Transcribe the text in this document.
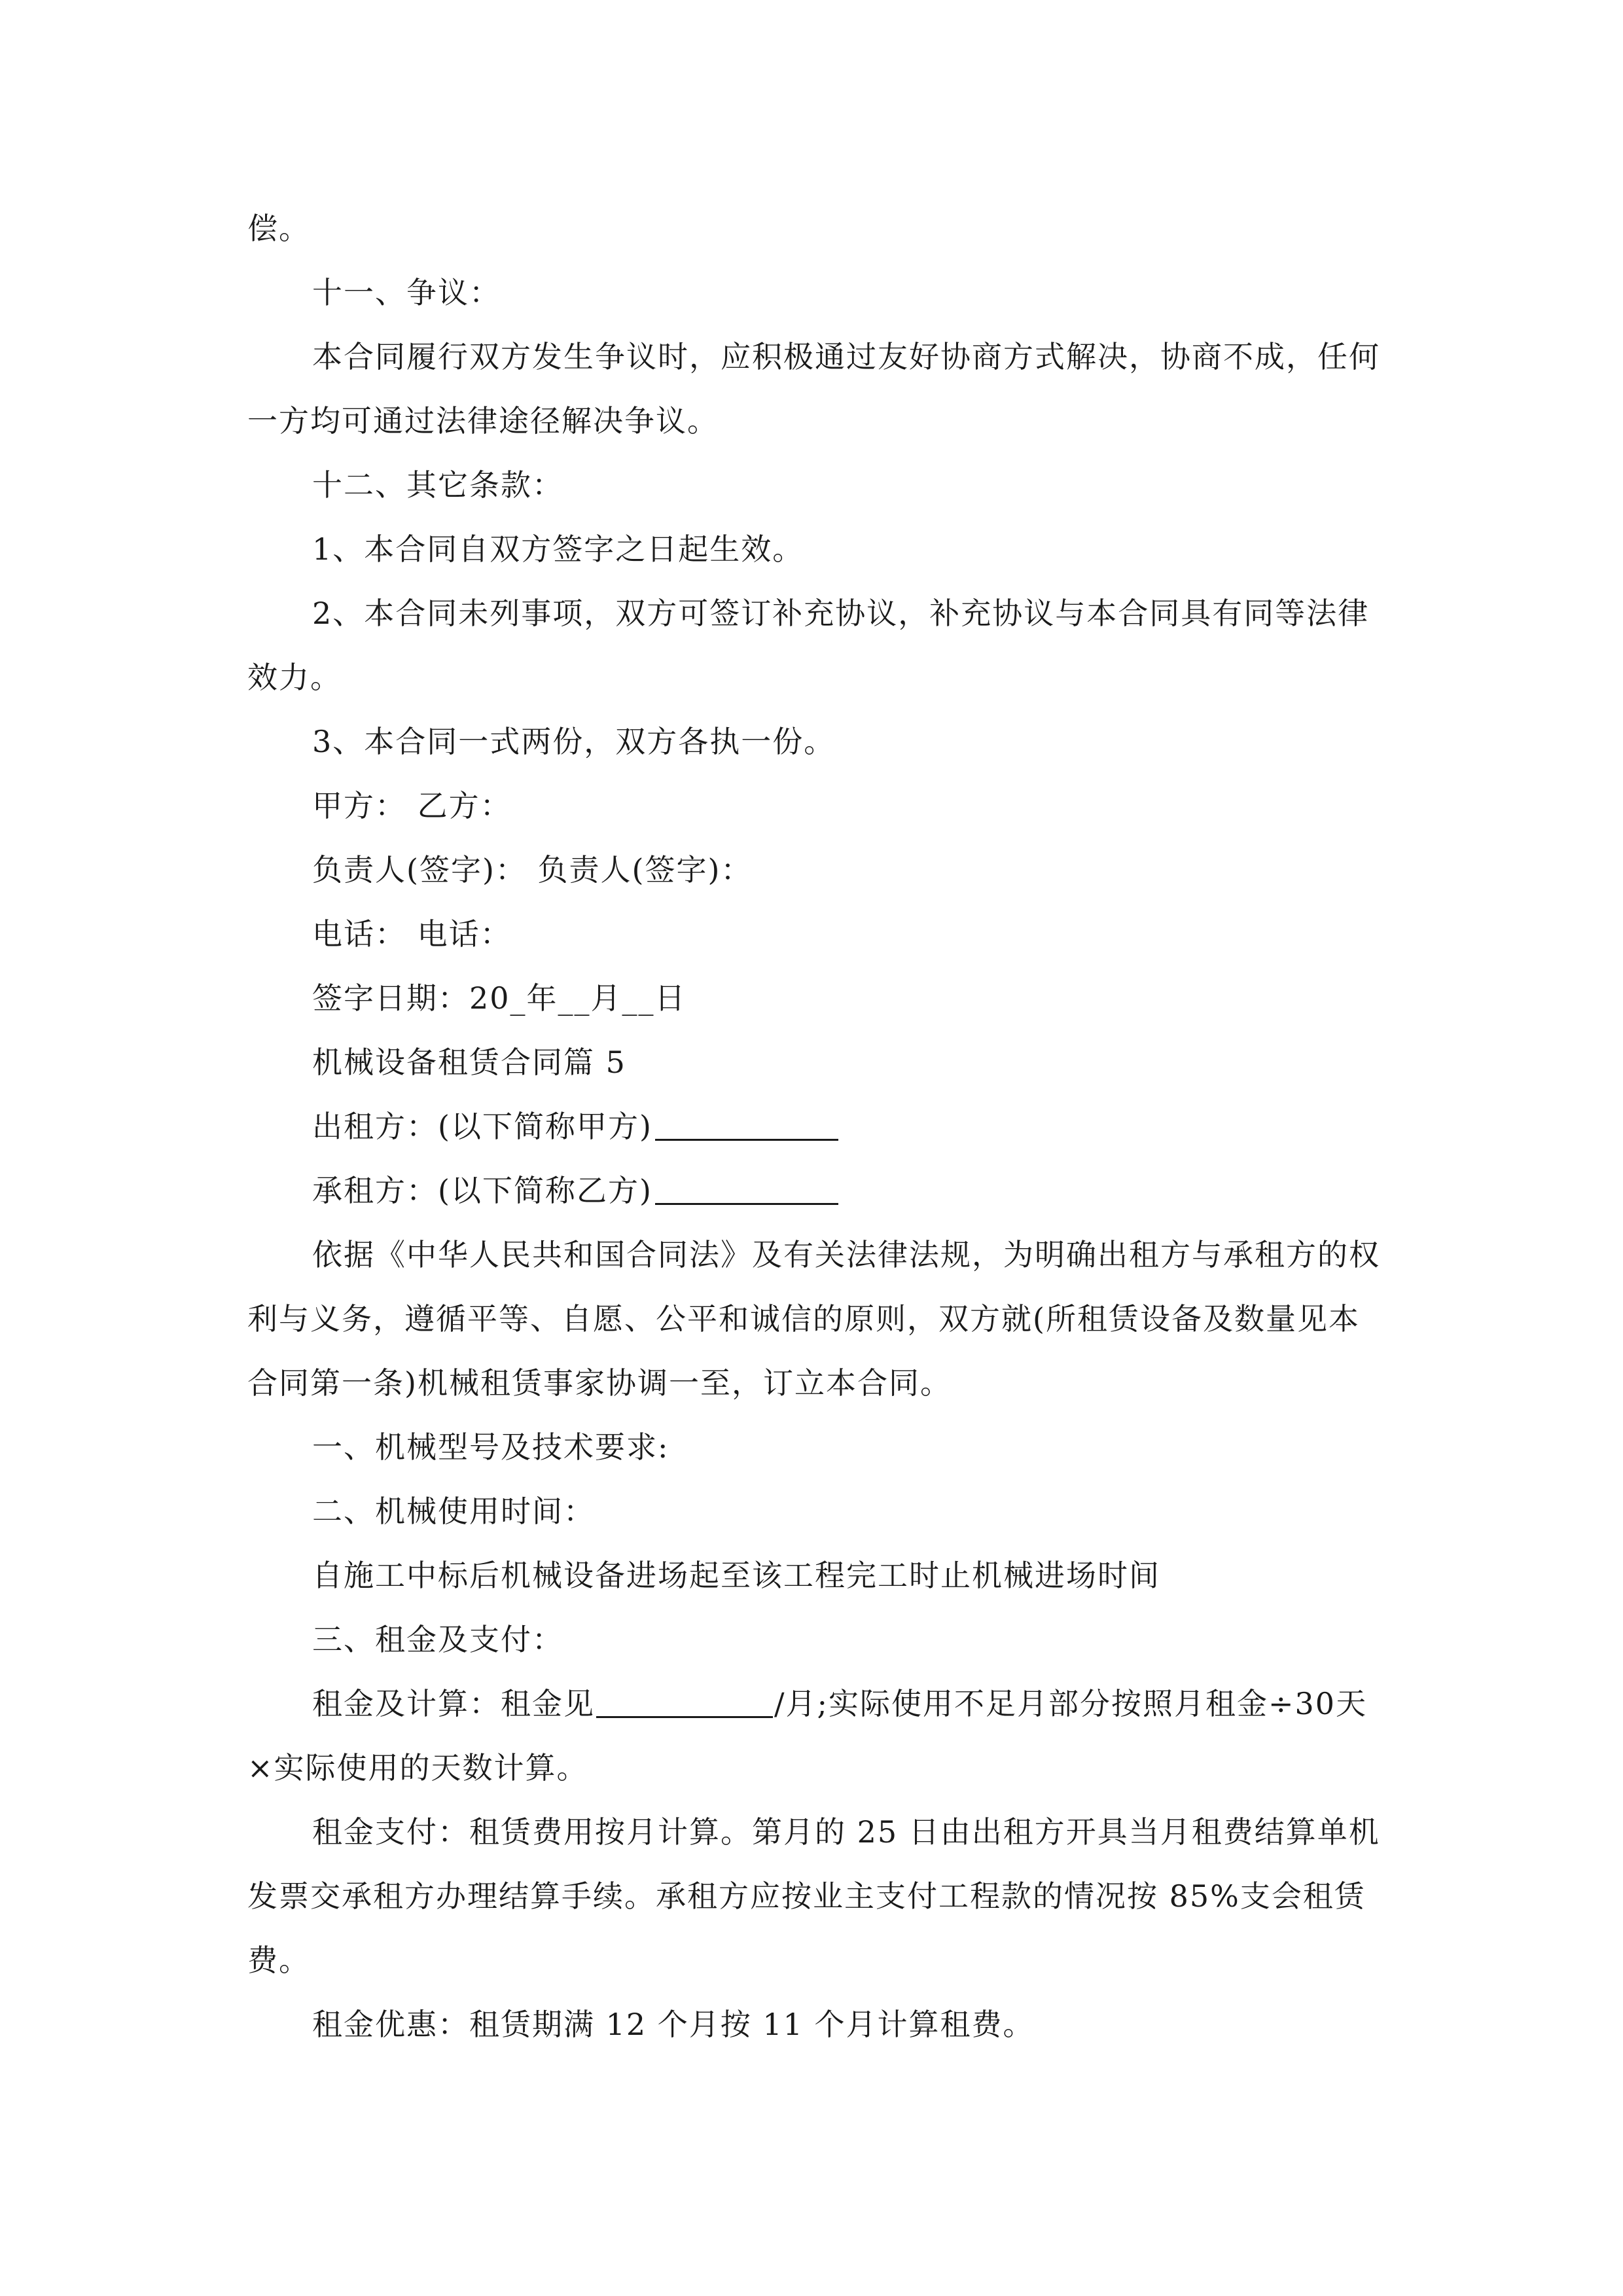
偿。

十一、争议：

本合同履行双方发生争议时，应积极通过友好协商方式解决，协商不成，任何一方均可通过法律途径解决争议。

十二、其它条款：

1、本合同自双方签字之日起生效。

2、本合同未列事项，双方可签订补充协议，补充协议与本合同具有同等法律效力。

3、本合同一式两份，双方各执一份。

甲方： 乙方：

负责人(签字)： 负责人(签字)：

电话： 电话：

签字日期：20_年__月__日

机械设备租赁合同篇 5

出租方：(以下简称甲方)

承租方：(以下简称乙方)

依据《中华人民共和国合同法》及有关法律法规，为明确出租方与承租方的权利与义务，遵循平等、自愿、公平和诚信的原则，双方就(所租赁设备及数量见本合同第一条)机械租赁事家协调一至，订立本合同。

一、机械型号及技术要求:

二、机械使用时间：

自施工中标后机械设备进场起至该工程完工时止机械进场时间

三、租金及支付：

租金及计算：租金见	/月;实际使用不足月部分按照月租金÷30天×实际使用的天数计算。

租金支付：租赁费用按月计算。第月的 25 日由出租方开具当月租费结算单机发票交承租方办理结算手续。承租方应按业主支付工程款的情况按 85%支会租赁费。

租金优惠：租赁期满 12 个月按 11 个月计算租费。
